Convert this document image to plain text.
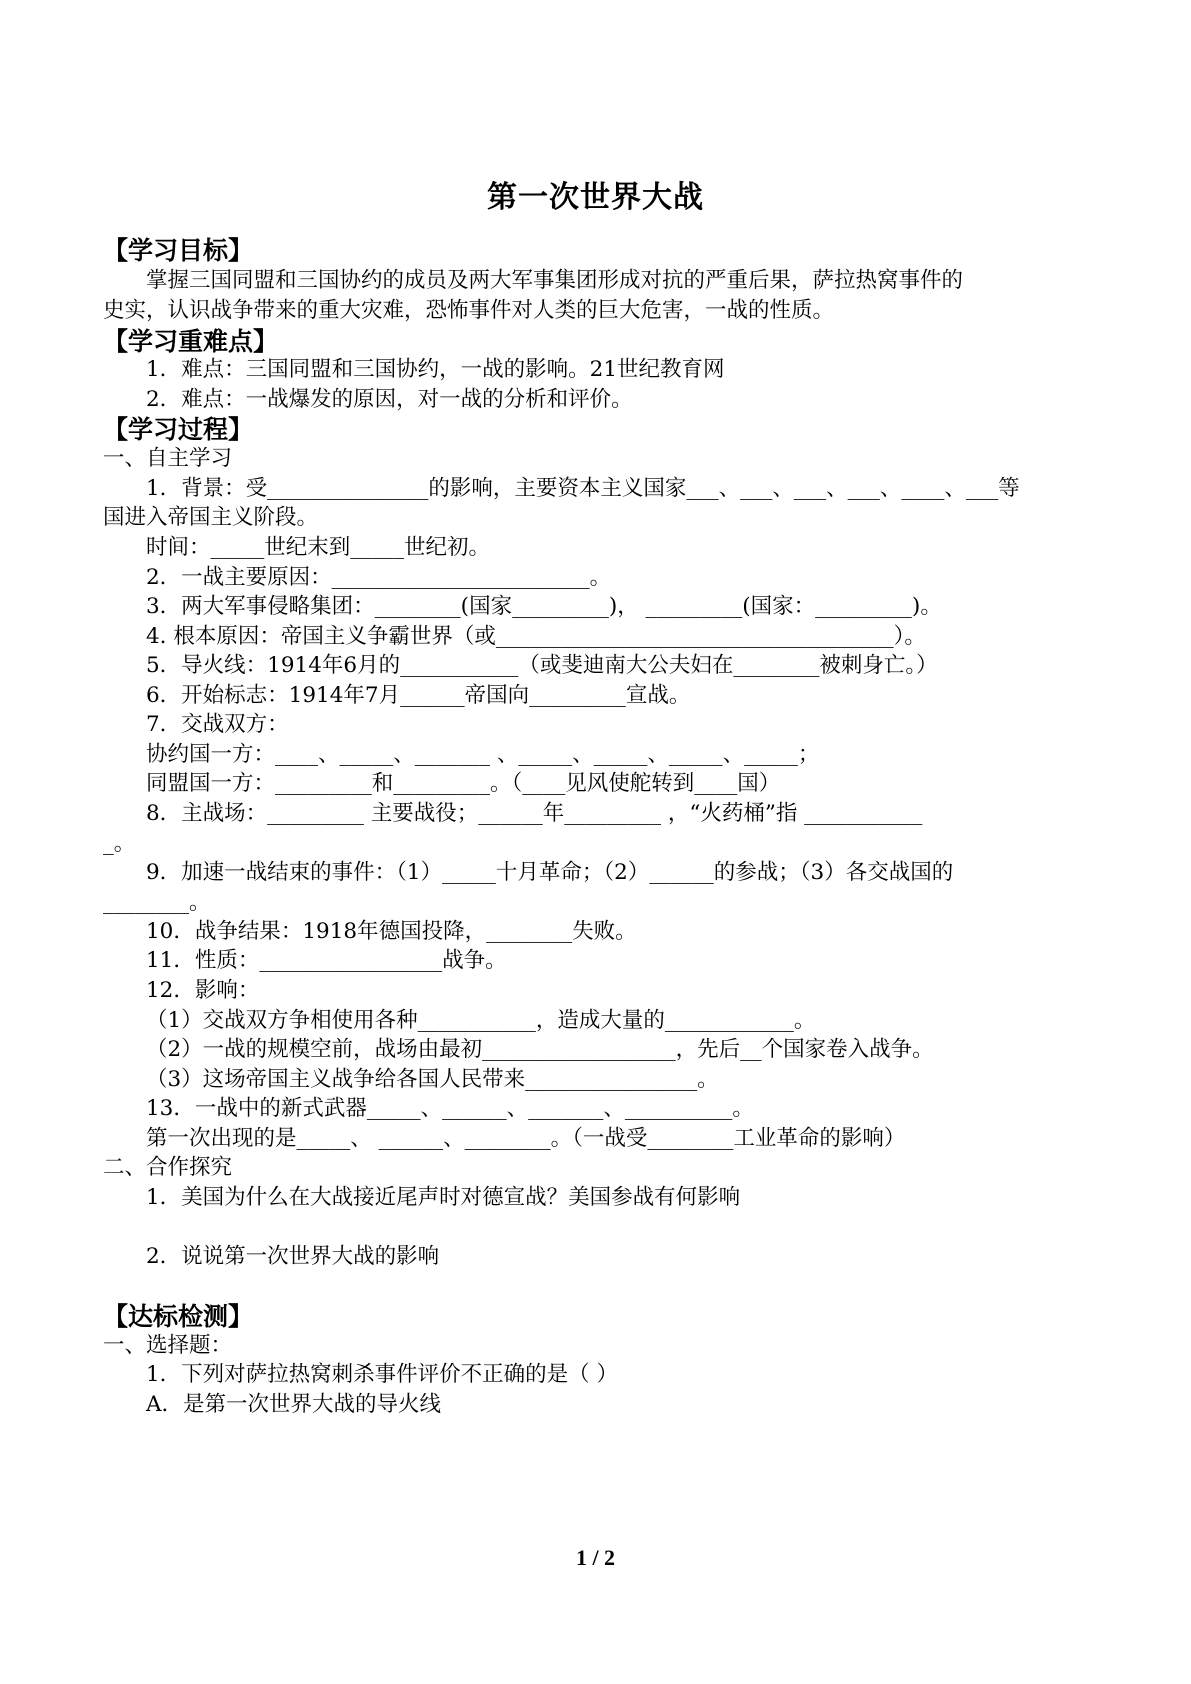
第一次世界大战
【学习目标】
掌握三国同盟和三国协约的成员及两大军事集团形成对抗的严重后果，萨拉热窝事件的
史实，认识战争带来的重大灾难，恐怖事件对人类的巨大危害，一战的性质。
【学习重难点】
1．难点：三国同盟和三国协约，一战的影响。21世纪教育网
2．难点：一战爆发的原因，对一战的分析和评价。
【学习过程】
一、自主学习
1．背景：受_______________的影响，主要资本主义国家___、___、___、___、____、___等
国进入帝国主义阶段。
时间：_____世纪末到_____世纪初。
2．一战主要原因：________________________。
3．两大军事侵略集团：________(国家_________)， _________(国家：_________)。
4. 根本原因：帝国主义争霸世界（或_____________________________________）。
5．导火线：1914年6月的___________（或斐迪南大公夫妇在________被刺身亡。）
6．开始标志：1914年7月______帝国向_________宣战。
7．交战双方：
协约国一方：____、_____、_______ 、_____、_____、_____、_____；
同盟国一方：_________和_________。（____见风使舵转到____国）
8．主战场：_________ 主要战役；______年_________ ，“火药桶”指 ___________
_。
9．加速一战结束的事件：（1）_____十月革命；（2）______的参战；（3）各交战国的
________。
10．战争结果：1918年德国投降，________失败。
11．性质：_________________战争。
12．影响：
（1）交战双方争相使用各种___________，造成大量的____________。
（2）一战的规模空前，战场由最初__________________，先后__个国家卷入战争。
（3）这场帝国主义战争给各国人民带来________________。
13．一战中的新式武器_____、______、_______、__________。
第一次出现的是_____、 ______、________。（一战受________工业革命的影响）
二、合作探究
1．美国为什么在大战接近尾声时对德宣战？美国参战有何影响
2．说说第一次世界大战的影响
【达标检测】
一、选择题：
1．下列对萨拉热窝刺杀事件评价不正确的是（ ）
A．是第一次世界大战的导火线
1 / 2
